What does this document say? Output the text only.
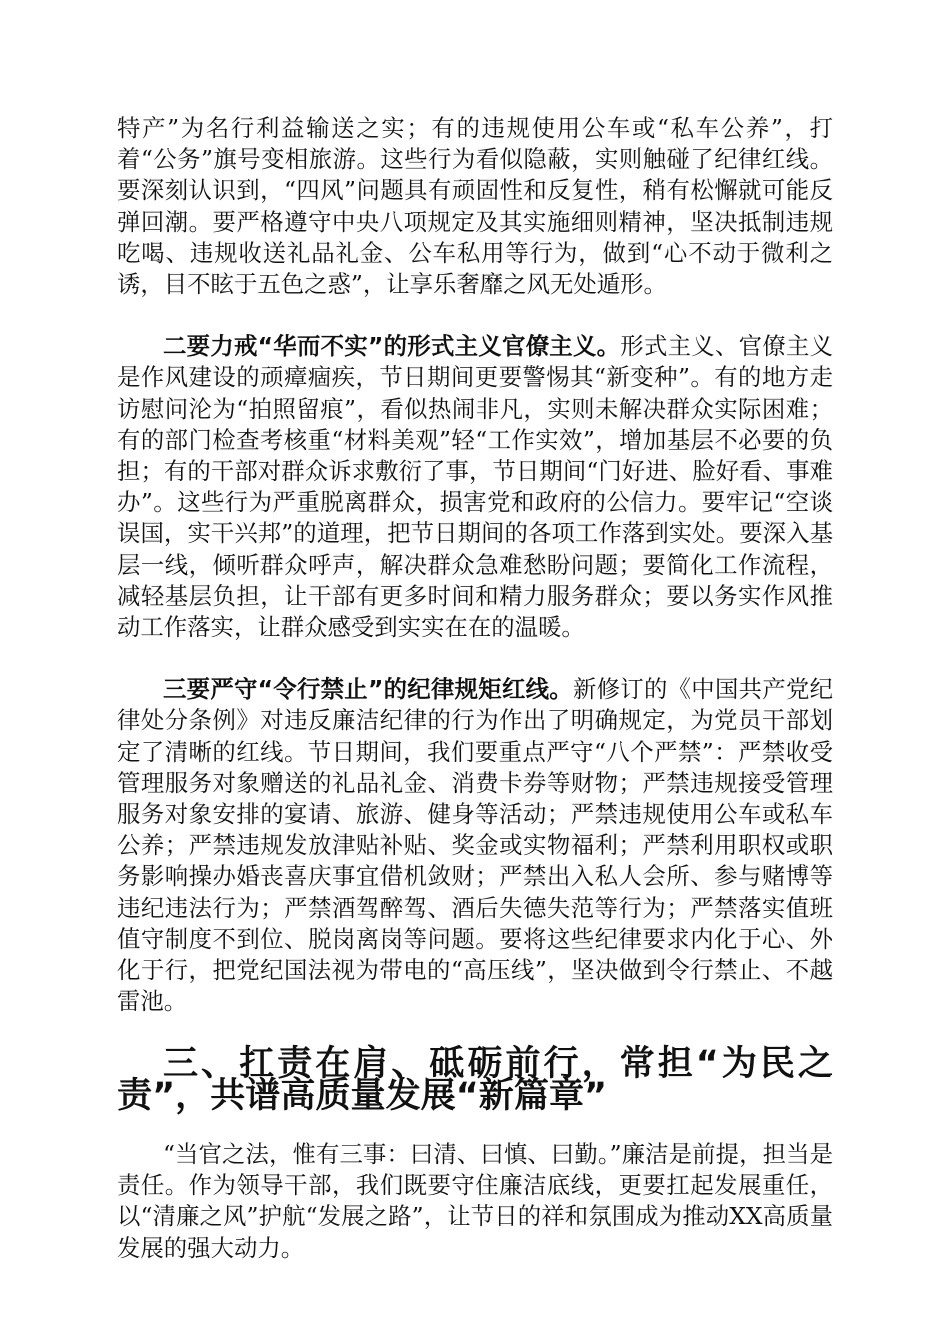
特产”为名行利益输送之实；有的违规使用公车或“私车公养”，打着“公务”旗号变相旅游。这些行为看似隐蔽，实则触碰了纪律红线。要深刻认识到，“四风”问题具有顽固性和反复性，稍有松懈就可能反弹回潮。要严格遵守中央八项规定及其实施细则精神，坚决抵制违规吃喝、违规收送礼品礼金、公车私用等行为，做到“心不动于微利之诱，目不眩于五色之惑”，让享乐奢靡之风无处遁形。

二要力戒“华而不实”的形式主义官僚主义。形式主义、官僚主义是作风建设的顽瘴痼疾，节日期间更要警惕其“新变种”。有的地方走访慰问沦为“拍照留痕”，看似热闹非凡，实则未解决群众实际困难；有的部门检查考核重“材料美观”轻“工作实效”，增加基层不必要的负担；有的干部对群众诉求敷衍了事，节日期间“门好进、脸好看、事难办”。这些行为严重脱离群众，损害党和政府的公信力。要牢记“空谈误国，实干兴邦”的道理，把节日期间的各项工作落到实处。要深入基层一线，倾听群众呼声，解决群众急难愁盼问题；要简化工作流程，减轻基层负担，让干部有更多时间和精力服务群众；要以务实作风推动工作落实，让群众感受到实实在在的温暖。

三要严守“令行禁止”的纪律规矩红线。新修订的《中国共产党纪律处分条例》对违反廉洁纪律的行为作出了明确规定，为党员干部划定了清晰的红线。节日期间，我们要重点严守“八个严禁”：严禁收受管理服务对象赠送的礼品礼金、消费卡券等财物；严禁违规接受管理服务对象安排的宴请、旅游、健身等活动；严禁违规使用公车或私车公养；严禁违规发放津贴补贴、奖金或实物福利；严禁利用职权或职务影响操办婚丧喜庆事宜借机敛财；严禁出入私人会所、参与赌博等违纪违法行为；严禁酒驾醉驾、酒后失德失范等行为；严禁落实值班值守制度不到位、脱岗离岗等问题。要将这些纪律要求内化于心、外化于行，把党纪国法视为带电的“高压线”，坚决做到令行禁止、不越雷池。

三、扛责在肩、砥砺前行，常担“为民之责”，共谱高质量发展“新篇章”

“当官之法，惟有三事：曰清、曰慎、曰勤。”廉洁是前提，担当是责任。作为领导干部，我们既要守住廉洁底线，更要扛起发展重任，以“清廉之风”护航“发展之路”，让节日的祥和氛围成为推动XX高质量发展的强大动力。
